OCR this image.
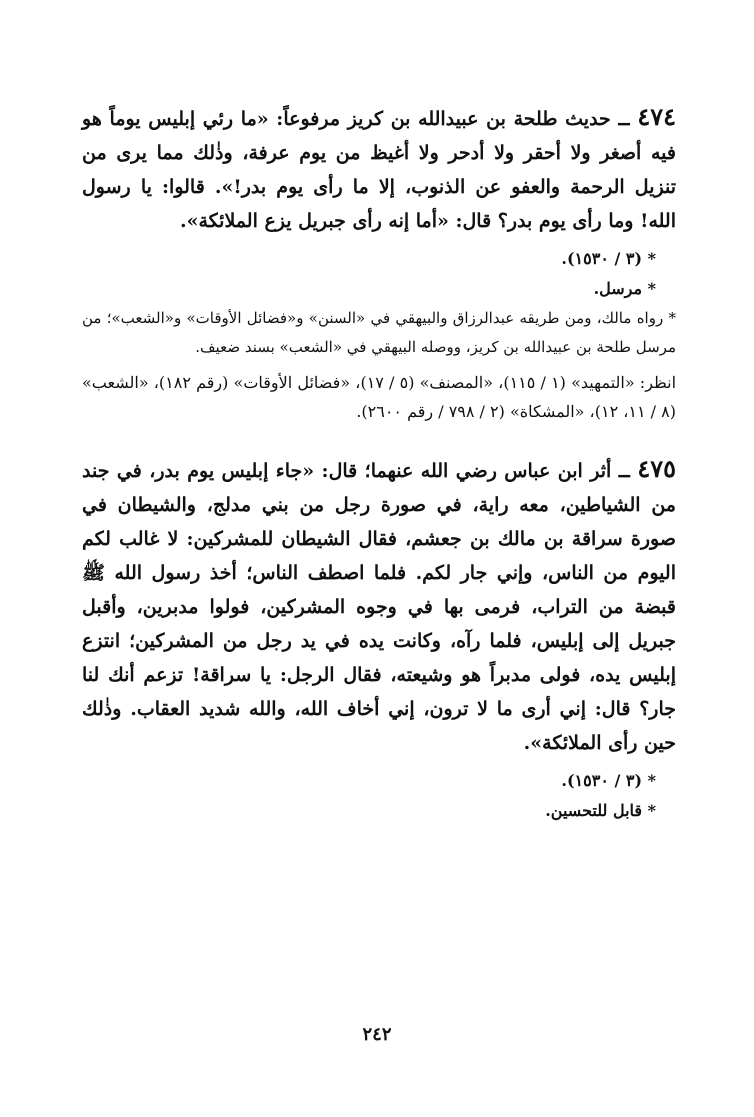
٤٧٤ ــ حديث طلحة بن عبيدالله بن كريز مرفوعاً: «ما رئي إبليس يوماً هو فيه أصغر ولا أحقر ولا أدحر ولا أغيظ من يوم عرفة، وذٰلك مما يرى من تنزيل الرحمة والعفو عن الذنوب، إلا ما رأى يوم بدر!». قالوا: يا رسول الله! وما رأى يوم بدر؟ قال: «أما إنه رأى جبريل يزع الملائكة».

* (٣ / ١٥٣٠).

* مرسل.

* رواه مالك، ومن طريقه عبدالرزاق والبيهقي في «السنن» و«فضائل الأوقات» و«الشعب»؛ من مرسل طلحة بن عبيدالله بن كريز، ووصله البيهقي في «الشعب» بسند ضعيف.

انظر: «التمهيد» (١ / ١١٥)، «المصنف» (٥ / ١٧)، «فضائل الأوقات» (رقم ١٨٢)، «الشعب» (٨ / ١١، ١٢)، «المشكاة» (٢ / ٧٩٨ / رقم ٢٦٠٠).

٤٧٥ ــ أثر ابن عباس رضي الله عنهما؛ قال: «جاء إبليس يوم بدر، في جند من الشياطين، معه راية، في صورة رجل من بني مدلج، والشيطان في صورة سراقة بن مالك بن جعشم، فقال الشيطان للمشركين: لا غالب لكم اليوم من الناس، وإني جار لكم. فلما اصطف الناس؛ أخذ رسول الله ﷺ قبضة من التراب، فرمى بها في وجوه المشركين، فولوا مدبرين، وأقبل جبريل إلى إبليس، فلما رآه، وكانت يده في يد رجل من المشركين؛ انتزع إبليس يده، فولى مدبراً هو وشيعته، فقال الرجل: يا سراقة! تزعم أنك لنا جار؟ قال: إني أرى ما لا ترون، إني أخاف الله، والله شديد العقاب. وذٰلك حين رأى الملائكة».

* (٣ / ١٥٣٠).

* قابل للتحسين.

٢٤٢
